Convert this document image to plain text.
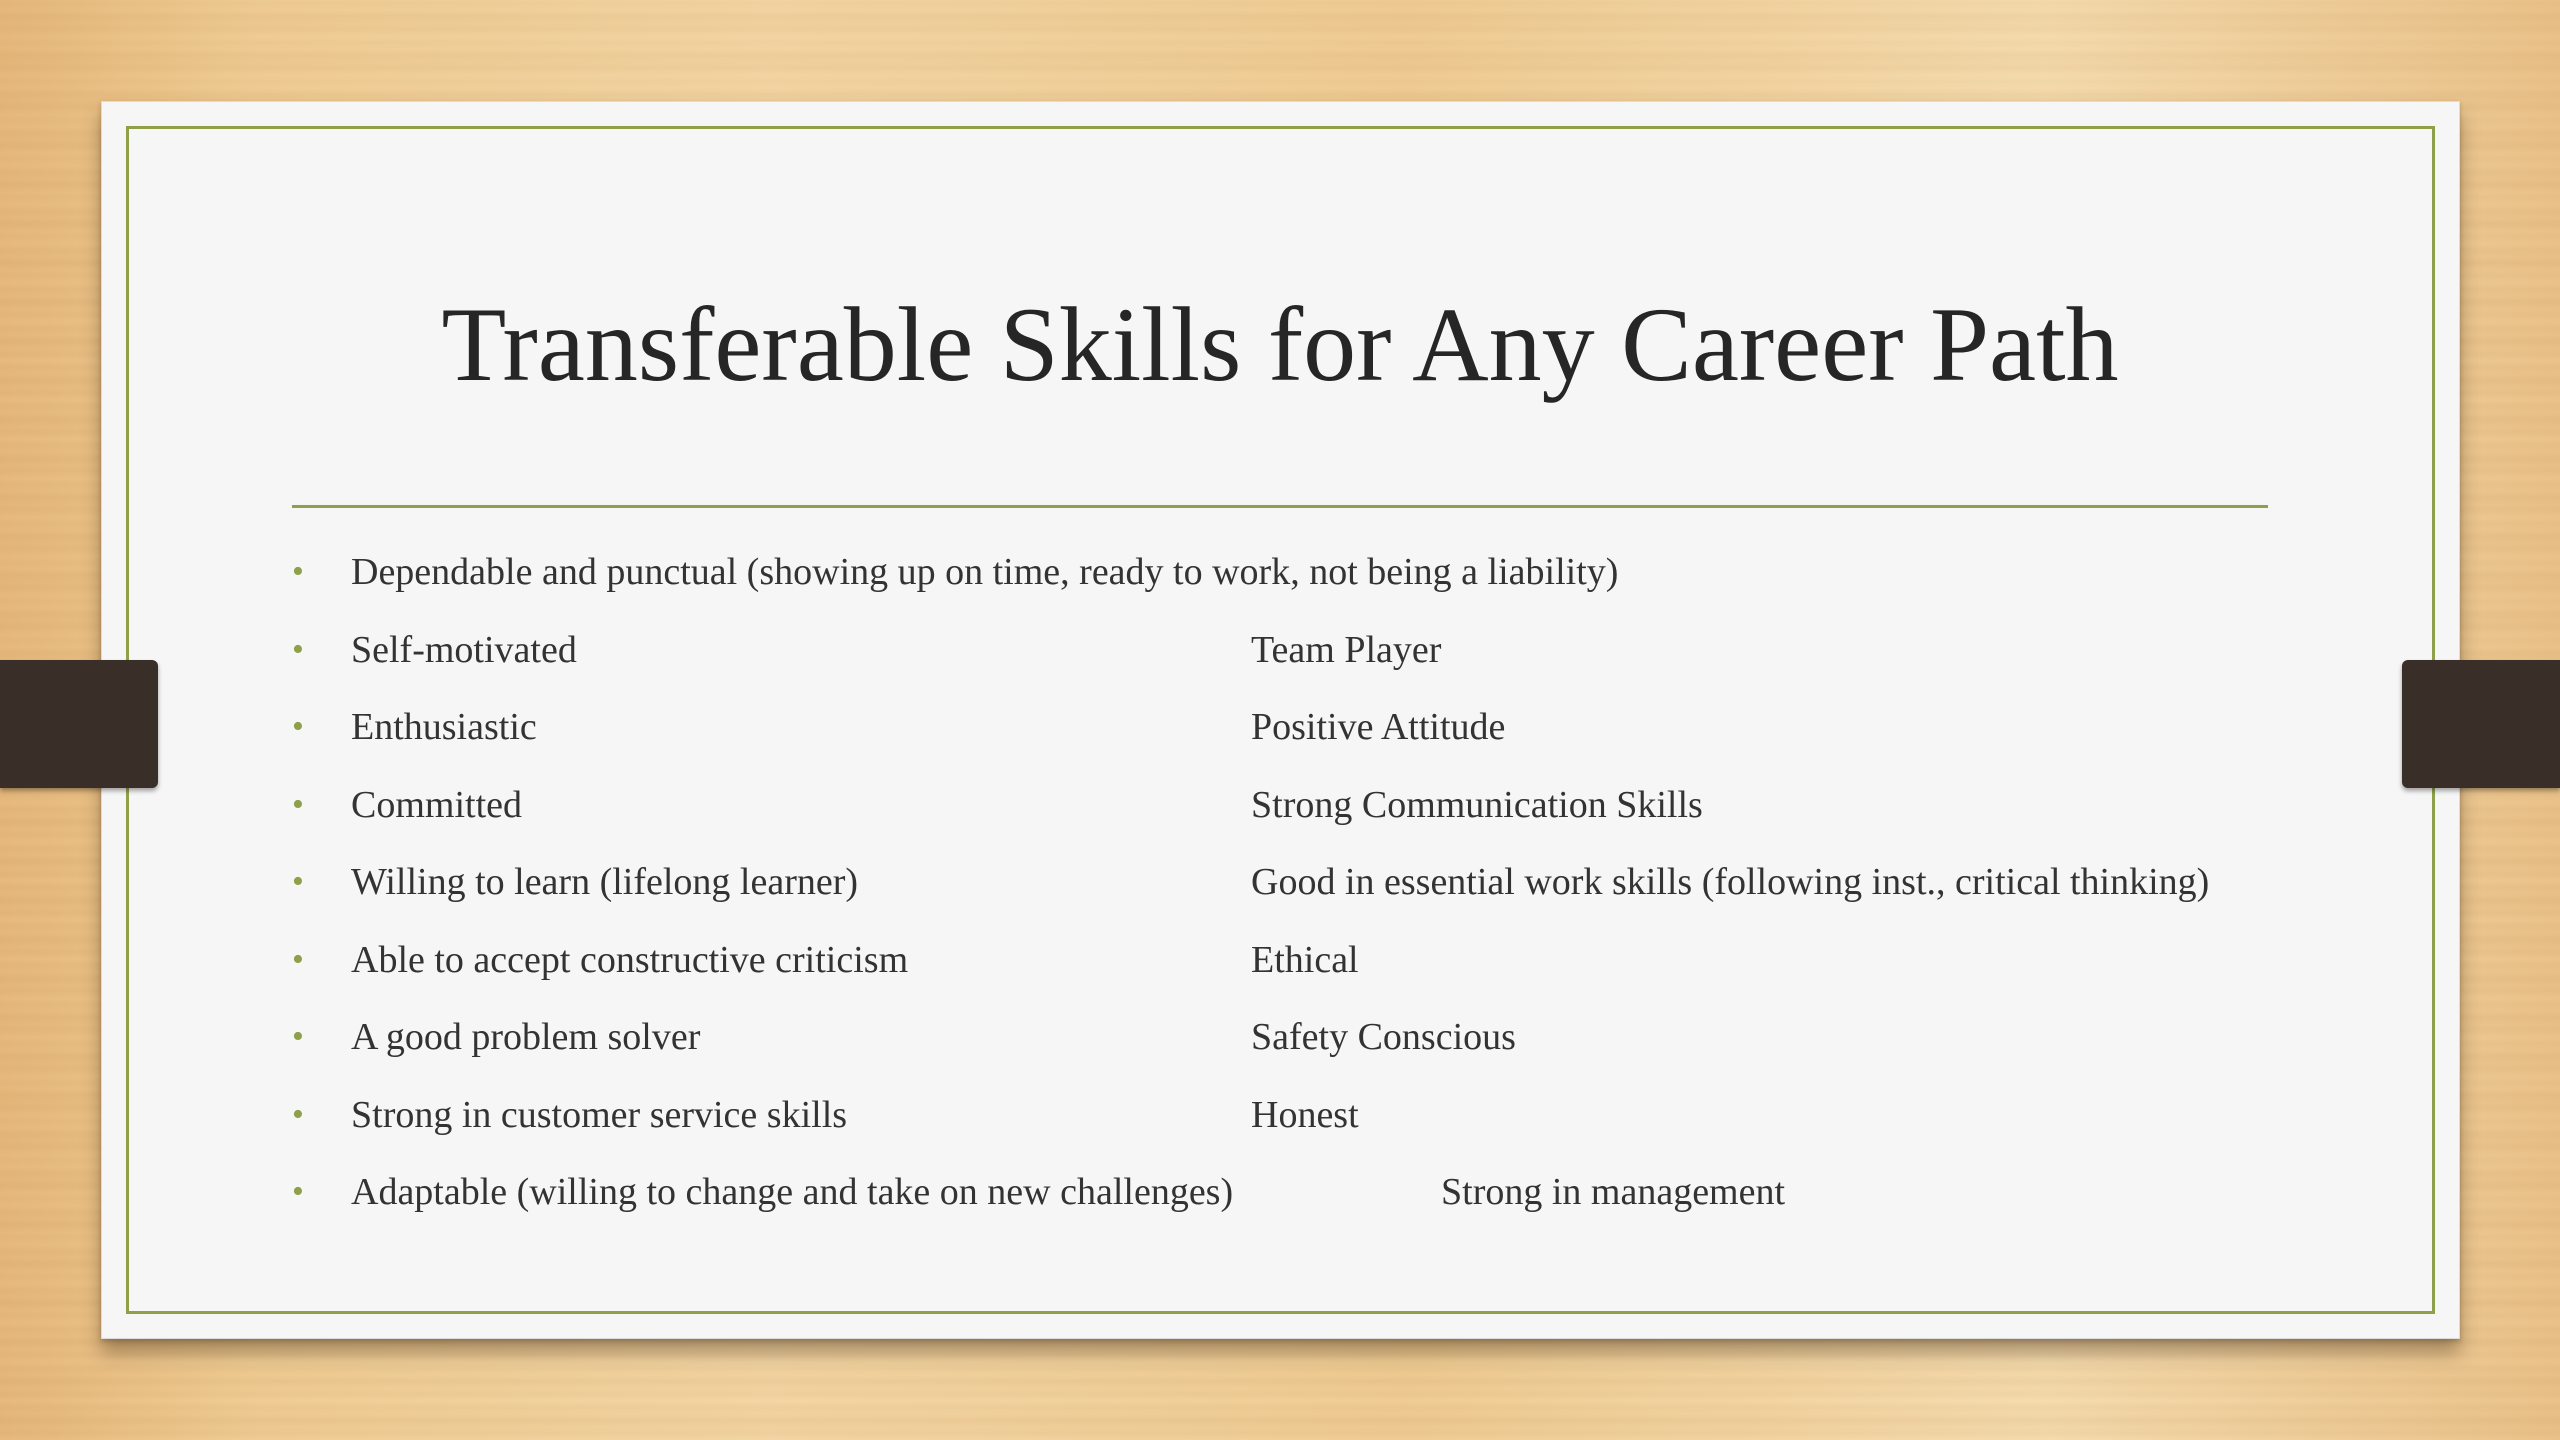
Transferable Skills for Any Career Path
• Dependable and punctual (showing up on time, ready to work, not being a liability)
• Self-motivated	Team Player
• Enthusiastic	Positive Attitude
• Committed	Strong Communication Skills
• Willing to learn (lifelong learner)	Good in essential work skills (following inst., critical thinking)
• Able to accept constructive criticism	Ethical
• A good problem solver	Safety Conscious
• Strong in customer service skills	Honest
• Adaptable (willing to change and take on new challenges)	Strong in management
